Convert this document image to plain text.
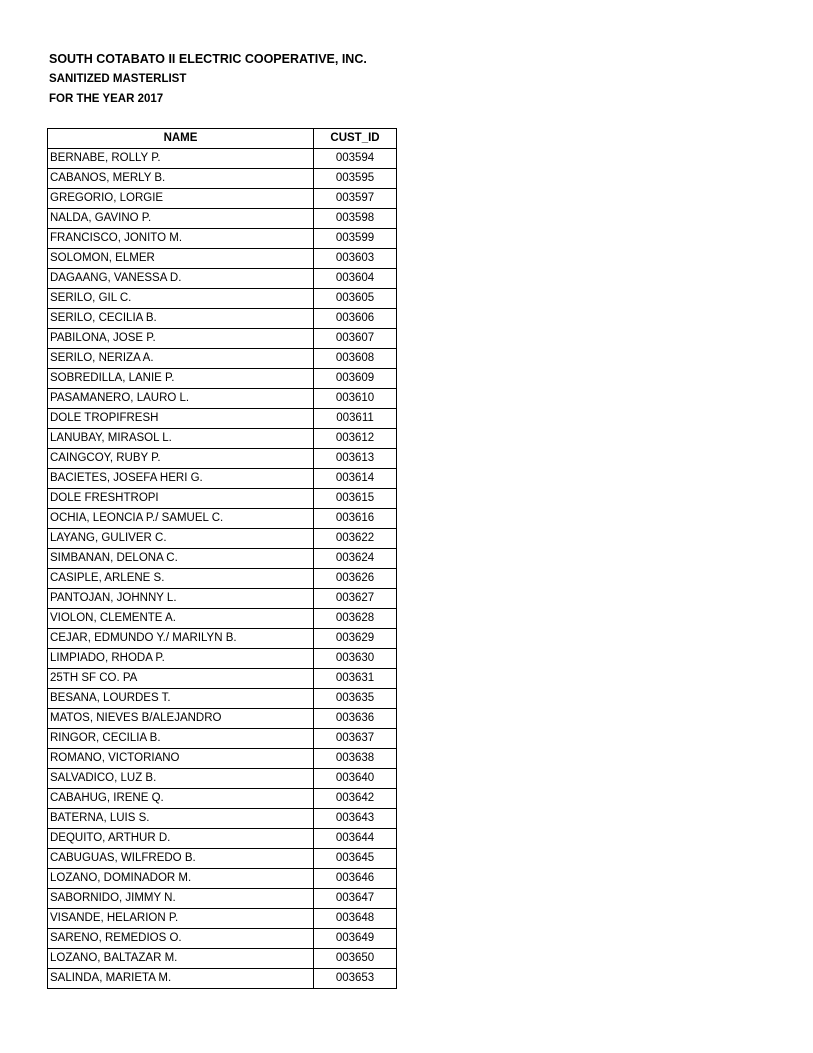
SOUTH COTABATO II ELECTRIC COOPERATIVE, INC.
SANITIZED MASTERLIST
FOR THE YEAR 2017
NAME	CUST_ID
BERNABE, ROLLY P.	003594
CABANOS, MERLY B.	003595
GREGORIO, LORGIE	003597
NALDA, GAVINO P.	003598
FRANCISCO, JONITO M.	003599
SOLOMON, ELMER	003603
DAGAANG, VANESSA D.	003604
SERILO, GIL C.	003605
SERILO, CECILIA B.	003606
PABILONA, JOSE P.	003607
SERILO, NERIZA A.	003608
SOBREDILLA, LANIE P.	003609
PASAMANERO, LAURO L.	003610
DOLE TROPIFRESH	003611
LANUBAY, MIRASOL L.	003612
CAINGCOY, RUBY P.	003613
BACIETES, JOSEFA HERI G.	003614
DOLE FRESHTROPI	003615
OCHIA, LEONCIA P./ SAMUEL C.	003616
LAYANG, GULIVER C.	003622
SIMBANAN, DELONA C.	003624
CASIPLE, ARLENE S.	003626
PANTOJAN, JOHNNY L.	003627
VIOLON, CLEMENTE A.	003628
CEJAR, EDMUNDO Y./ MARILYN B.	003629
LIMPIADO, RHODA P.	003630
25TH SF CO. PA	003631
BESANA, LOURDES T.	003635
MATOS, NIEVES B/ALEJANDRO	003636
RINGOR, CECILIA B.	003637
ROMANO, VICTORIANO	003638
SALVADICO, LUZ B.	003640
CABAHUG, IRENE Q.	003642
BATERNA, LUIS S.	003643
DEQUITO, ARTHUR D.	003644
CABUGUAS, WILFREDO B.	003645
LOZANO, DOMINADOR M.	003646
SABORNIDO, JIMMY N.	003647
VISANDE, HELARION P.	003648
SARENO, REMEDIOS O.	003649
LOZANO, BALTAZAR M.	003650
SALINDA, MARIETA M.	003653
